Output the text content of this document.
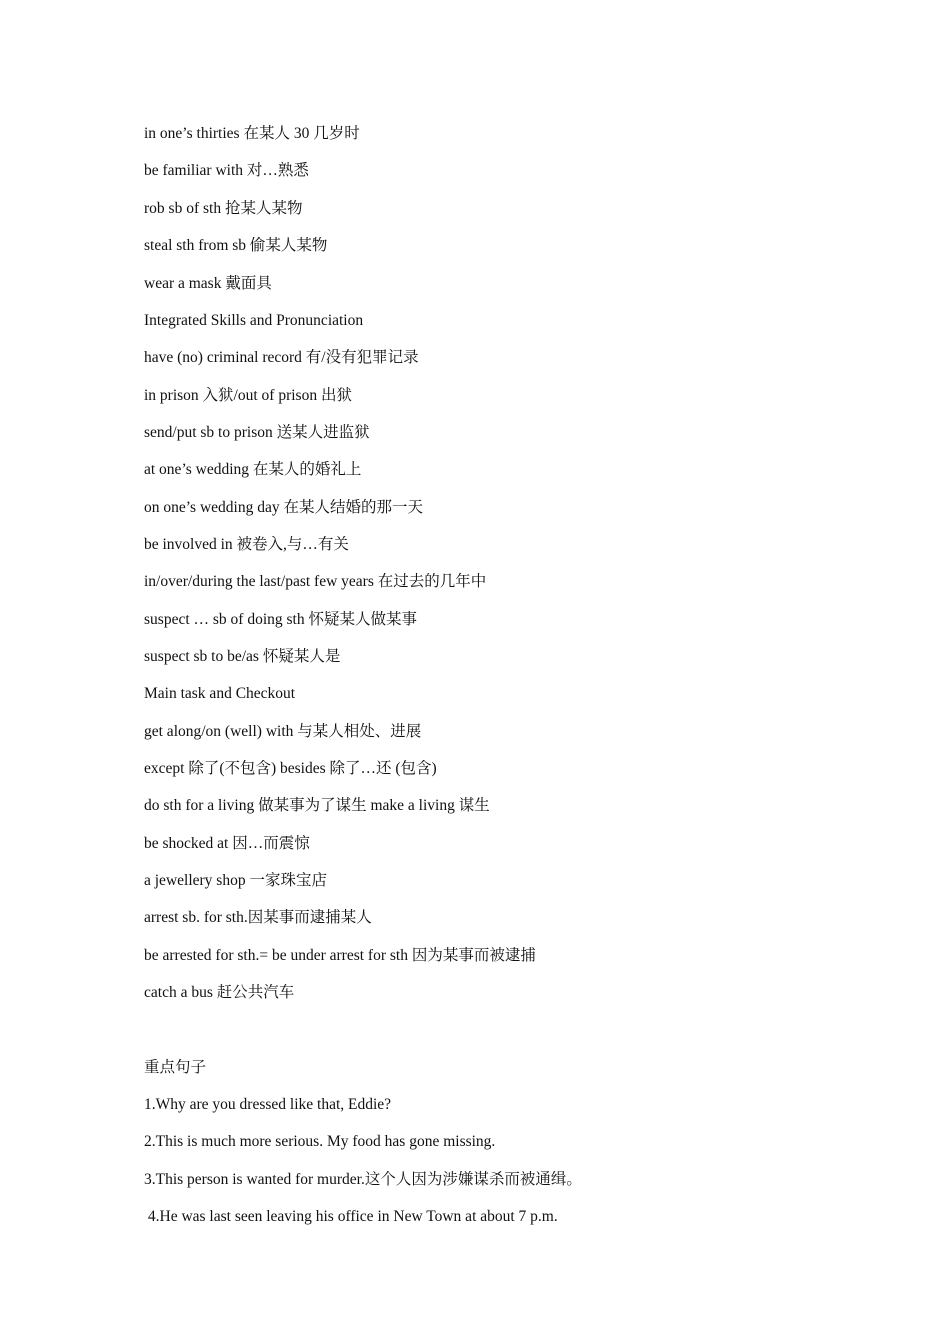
in one’s thirties 在某人 30 几岁时
be familiar with 对…熟悉
rob sb of sth 抢某人某物
steal sth from sb 偷某人某物
wear a mask 戴面具
Integrated Skills and Pronunciation
have (no) criminal record 有/没有犯罪记录
in prison 入狱/out of prison 出狱
send/put sb to prison 送某人进监狱
at one’s wedding 在某人的婚礼上
on one’s wedding day 在某人结婚的那一天
be involved in 被卷入,与…有关
in/over/during the last/past few years 在过去的几年中
suspect … sb of doing sth 怀疑某人做某事
suspect sb to be/as 怀疑某人是
Main task and Checkout
get along/on (well) with 与某人相处、进展
except 除了(不包含) besides 除了…还 (包含)
do sth for a living 做某事为了谋生 make a living 谋生
be shocked at 因…而震惊
a jewellery shop 一家珠宝店
arrest sb. for sth.因某事而逮捕某人
be arrested for sth.= be under arrest for sth 因为某事而被逮捕
catch a bus 赶公共汽车
重点句子
1.Why are you dressed like that, Eddie?
2.This is much more serious. My food has gone missing.
3.This person is wanted for murder.这个人因为涉嫌谋杀而被通缉。
4.He was last seen leaving his office in New Town at about 7 p.m.
